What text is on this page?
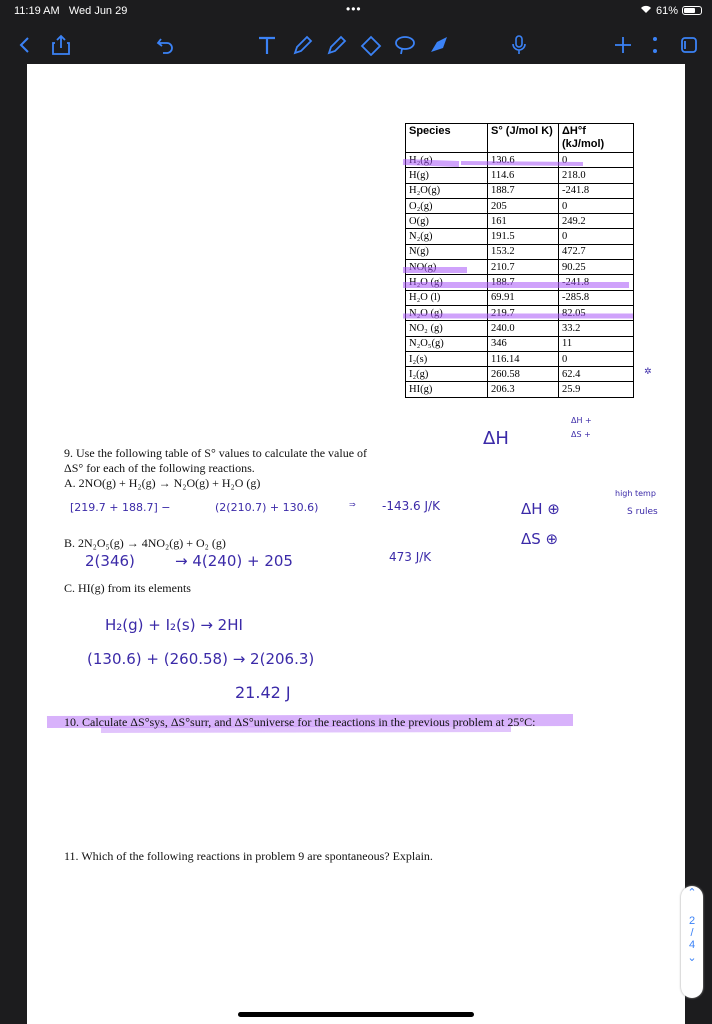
11:19 AM Wed Jun 29	•••	61%
Species	S° (J/mol K)	ΔH°f (kJ/mol)
H₂(g)	130.6	0
H(g)	114.6	218.0
H₂O(g)	188.7	-241.8
O₂(g)	205	0
O(g)	161	249.2
N₂(g)	191.5	0
N(g)	153.2	472.7
NO(g)	210.7	90.25
H₂O (g)	188.7	-241.8
H₂O (l)	69.91	-285.8
N₂O (g)	219.7	82.05
NO₂ (g)	240.0	33.2
N₂O₅(g)	346	11
I₂(s)	116.14	0
I₂(g)	260.58	62.4
HI(g)	206.3	25.9
9. Use the following table of S° values to calculate the value of
ΔS° for each of the following reactions.
A. 2NO(g) + H₂(g) → N₂O(g) + H₂O (g)
[219.7 + 188.7] −	(2(210.7) + 130.6)	⇒ -143.6 J/K
B. 2N₂O₅(g) → 4NO₂(g) + O₂ (g)
2(346)	→ 4(240) + 205	473 J/K
C. HI(g) from its elements
H₂(g) + I₂(s) → 2HI
(130.6) + (260.58) → 2(206.3)
21.42 J
ΔH
ΔH +
ΔS +
ΔH ⊕
ΔS ⊕
high temp
S rules
✲
10. Calculate ΔS°sys, ΔS°surr, and ΔS°universe for the reactions in the previous problem at 25°C:
11. Which of the following reactions in problem 9 are spontaneous? Explain.
⌃
2
/
4
⌄
